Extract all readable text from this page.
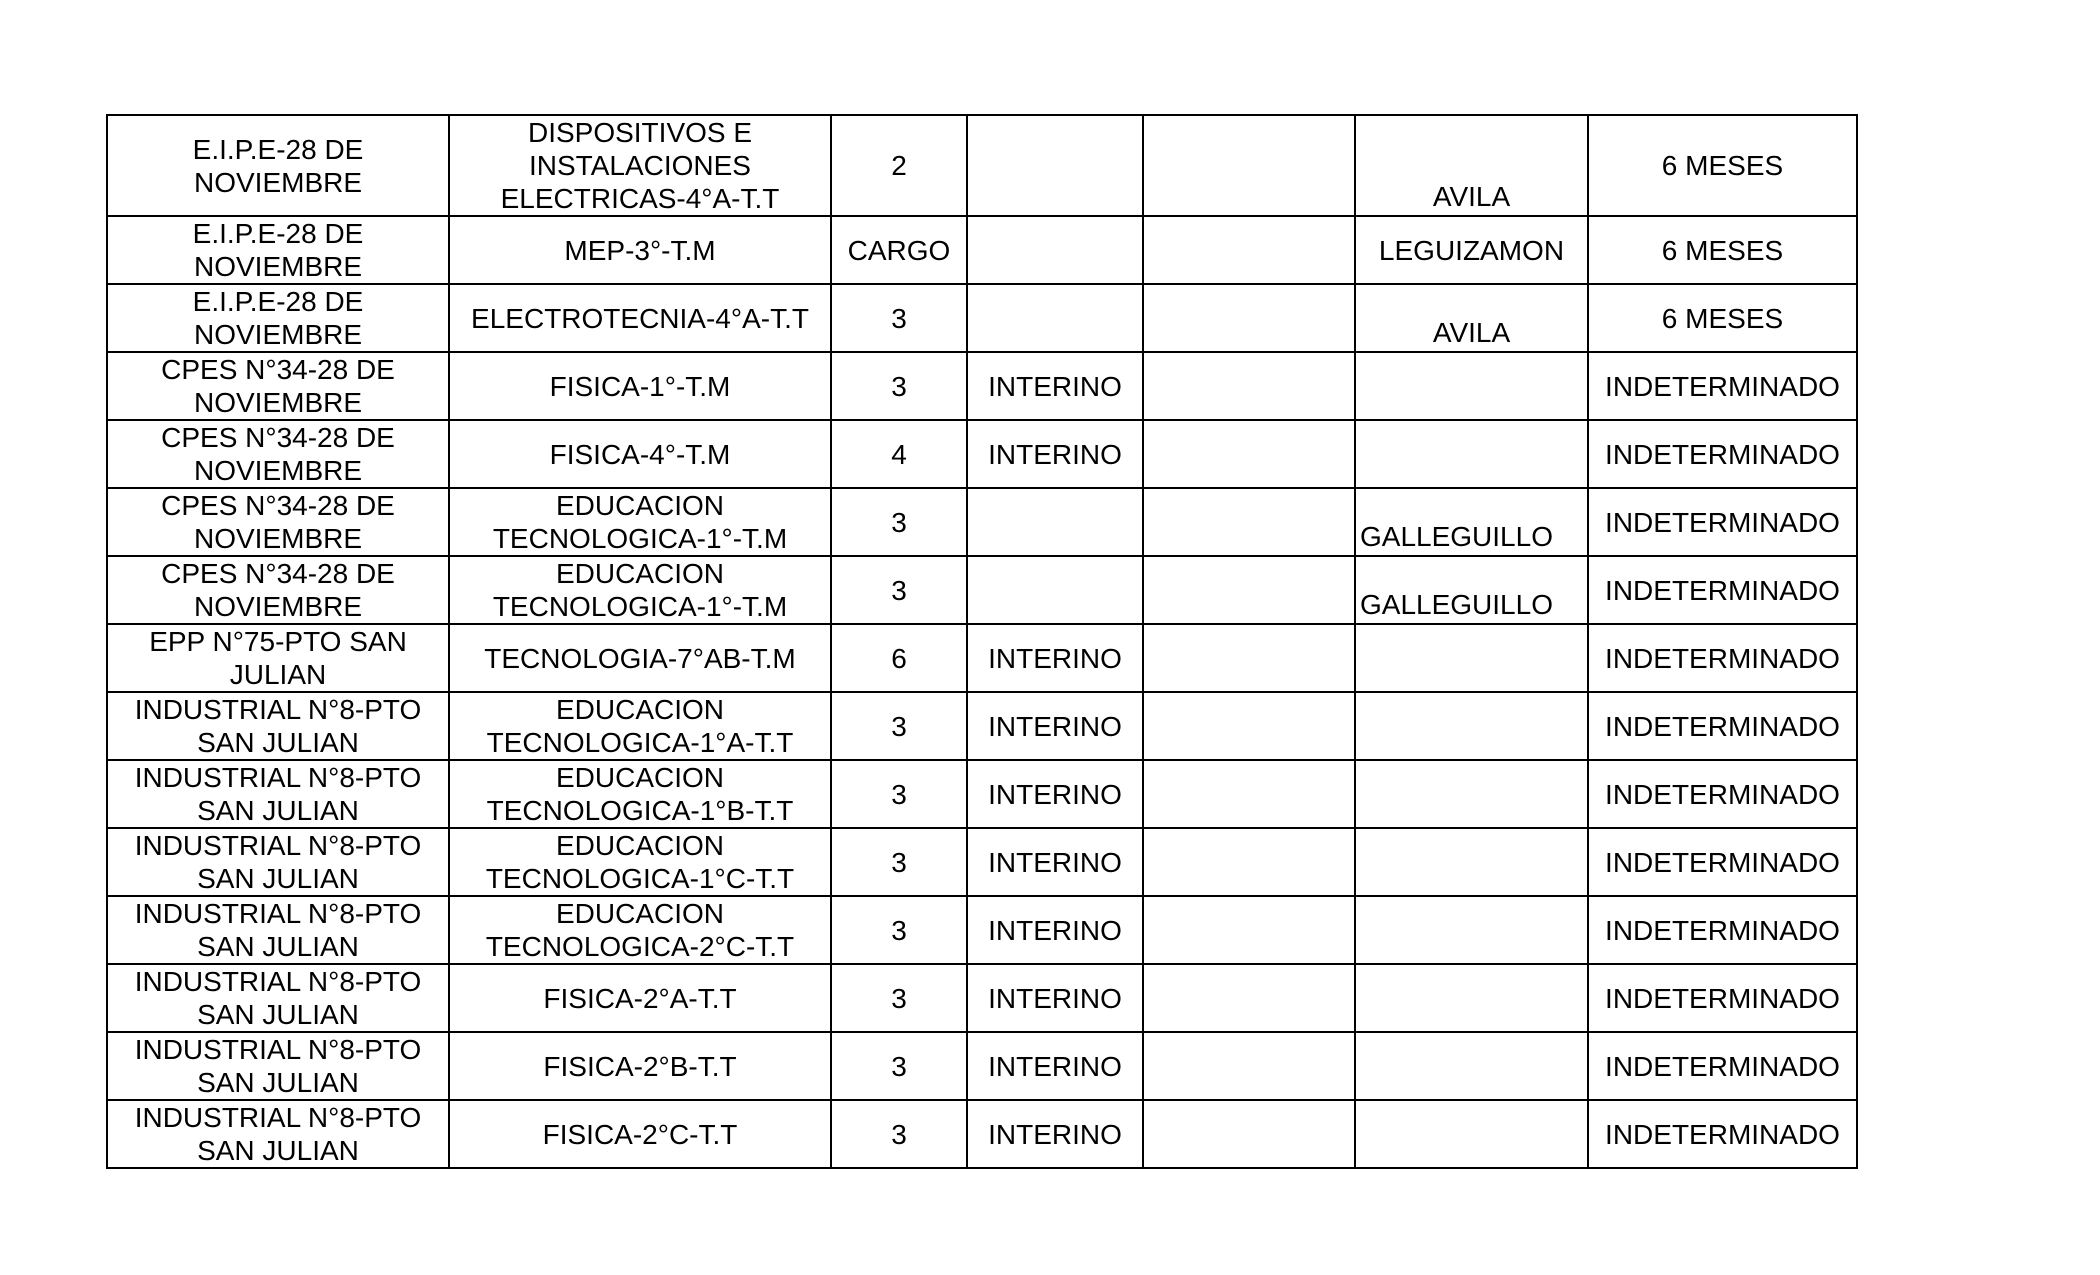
E.I.P.E-28 DE NOVIEMBRE	DISPOSITIVOS E INSTALACIONES ELECTRICAS-4°A-T.T	2			AVILA	6 MESES
E.I.P.E-28 DE NOVIEMBRE	MEP-3°-T.M	CARGO			LEGUIZAMON	6 MESES
E.I.P.E-28 DE NOVIEMBRE	ELECTROTECNIA-4°A-T.T	3			AVILA	6 MESES
CPES N°34-28 DE NOVIEMBRE	FISICA-1°-T.M	3	INTERINO			INDETERMINADO
CPES N°34-28 DE NOVIEMBRE	FISICA-4°-T.M	4	INTERINO			INDETERMINADO
CPES N°34-28 DE NOVIEMBRE	EDUCACION TECNOLOGICA-1°-T.M	3			GALLEGUILLO	INDETERMINADO
CPES N°34-28 DE NOVIEMBRE	EDUCACION TECNOLOGICA-1°-T.M	3			GALLEGUILLO	INDETERMINADO
EPP N°75-PTO SAN JULIAN	TECNOLOGIA-7°AB-T.M	6	INTERINO			INDETERMINADO
INDUSTRIAL N°8-PTO SAN JULIAN	EDUCACION TECNOLOGICA-1°A-T.T	3	INTERINO			INDETERMINADO
INDUSTRIAL N°8-PTO SAN JULIAN	EDUCACION TECNOLOGICA-1°B-T.T	3	INTERINO			INDETERMINADO
INDUSTRIAL N°8-PTO SAN JULIAN	EDUCACION TECNOLOGICA-1°C-T.T	3	INTERINO			INDETERMINADO
INDUSTRIAL N°8-PTO SAN JULIAN	EDUCACION TECNOLOGICA-2°C-T.T	3	INTERINO			INDETERMINADO
INDUSTRIAL N°8-PTO SAN JULIAN	FISICA-2°A-T.T	3	INTERINO			INDETERMINADO
INDUSTRIAL N°8-PTO SAN JULIAN	FISICA-2°B-T.T	3	INTERINO			INDETERMINADO
INDUSTRIAL N°8-PTO SAN JULIAN	FISICA-2°C-T.T	3	INTERINO			INDETERMINADO
